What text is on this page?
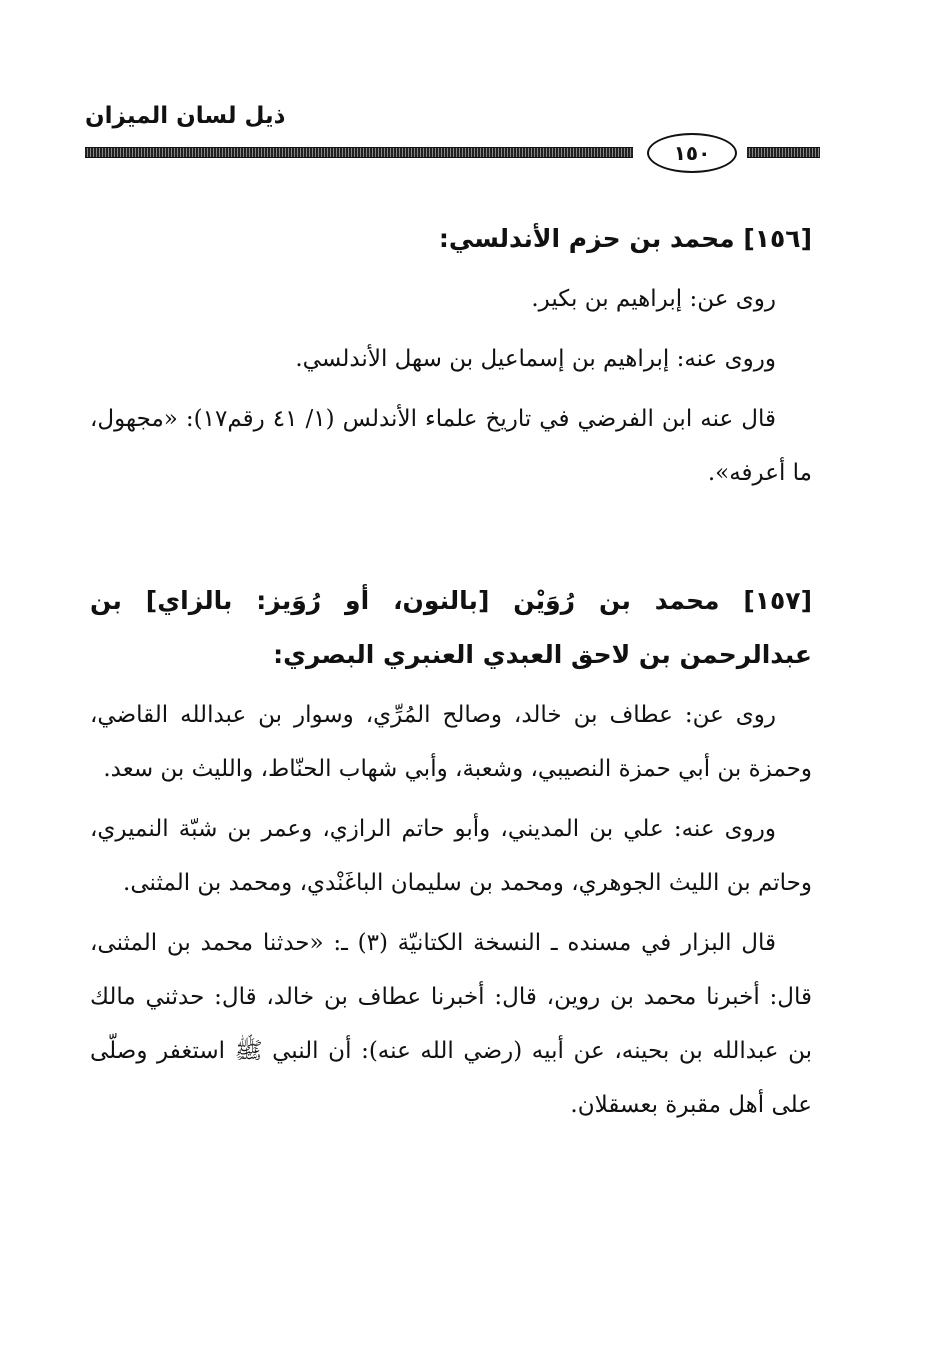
ذيل لسان الميزان
١٥٠

[١٥٦] محمد بن حزم الأندلسي:

روى عن: إبراهيم بن بكير.

وروى عنه: إبراهيم بن إسماعيل بن سهل الأندلسي.

قال عنه ابن الفرضي في تاريخ علماء الأندلس (١/ ٤١ رقم١٧): «مجهول، ما أعرفه».

[١٥٧] محمد بن رُوَيْن [بالنون، أو رُوَيز: بالزاي] بن عبدالرحمن بن لاحق العبدي العنبري البصري:

روى عن: عطاف بن خالد، وصالح المُرِّي، وسوار بن عبدالله القاضي، وحمزة بن أبي حمزة النصيبي، وشعبة، وأبي شهاب الحنّاط، والليث بن سعد.

وروى عنه: علي بن المديني، وأبو حاتم الرازي، وعمر بن شبّة النميري، وحاتم بن الليث الجوهري، ومحمد بن سليمان الباغَنْدي، ومحمد بن المثنى.

قال البزار في مسنده ـ النسخة الكتانيّة (٣) ـ: «حدثنا محمد بن المثنى، قال: أخبرنا محمد بن روين، قال: أخبرنا عطاف بن خالد، قال: حدثني مالك بن عبدالله بن بحينه، عن أبيه (رضي الله عنه): أن النبي ﷺ استغفر وصلّى على أهل مقبرة بعسقلان.
